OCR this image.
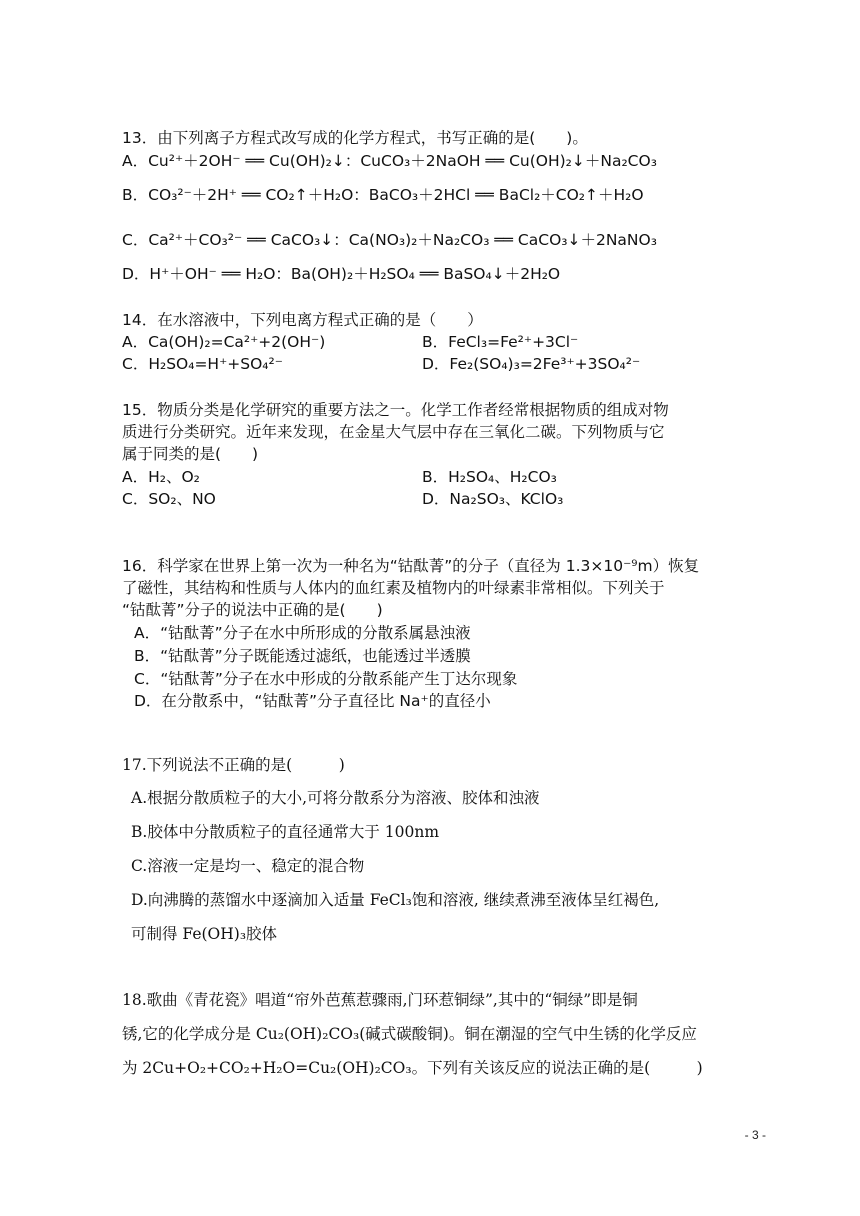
13．由下列离子方程式改写成的化学方程式，书写正确的是(　　)。
A．Cu²⁺＋2OH⁻ ══ Cu(OH)₂↓：CuCO₃＋2NaOH ══ Cu(OH)₂↓＋Na₂CO₃
B．CO₃²⁻＋2H⁺ ══ CO₂↑＋H₂O：BaCO₃＋2HCl ══ BaCl₂＋CO₂↑＋H₂O
C．Ca²⁺＋CO₃²⁻ ══ CaCO₃↓：Ca(NO₃)₂＋Na₂CO₃ ══ CaCO₃↓＋2NaNO₃
D．H⁺＋OH⁻ ══ H₂O：Ba(OH)₂＋H₂SO₄ ══ BaSO₄↓＋2H₂O
14．在水溶液中，下列电离方程式正确的是（　　）
A．Ca(OH)₂=Ca²⁺+2(OH⁻)	B．FeCl₃=Fe²⁺+3Cl⁻
C．H₂SO₄=H⁺+SO₄²⁻	D．Fe₂(SO₄)₃=2Fe³⁺+3SO₄²⁻
15．物质分类是化学研究的重要方法之一。化学工作者经常根据物质的组成对物
质进行分类研究。近年来发现，在金星大气层中存在三氧化二碳。下列物质与它
属于同类的是(　　)
A．H₂、O₂	B．H₂SO₄、H₂CO₃
C．SO₂、NO	D．Na₂SO₃、KClO₃
16．科学家在世界上第一次为一种名为“钴酞菁”的分子（直径为 1.3×10⁻⁹m）恢复
了磁性，其结构和性质与人体内的血红素及植物内的叶绿素非常相似。下列关于
“钴酞菁”分子的说法中正确的是(　　)
A．“钴酞菁”分子在水中所形成的分散系属悬浊液
B．“钴酞菁”分子既能透过滤纸，也能透过半透膜
C．“钴酞菁”分子在水中形成的分散系能产生丁达尔现象
D．在分散系中，“钴酞菁”分子直径比 Na⁺的直径小
17.下列说法不正确的是(　　　)
A.根据分散质粒子的大小,可将分散系分为溶液、胶体和浊液
B.胶体中分散质粒子的直径通常大于 100nm
C.溶液一定是均一、稳定的混合物
D.向沸腾的蒸馏水中逐滴加入适量 FeCl₃饱和溶液, 继续煮沸至液体呈红褐色,
可制得 Fe(OH)₃胶体
18.歌曲《青花瓷》唱道“帘外芭蕉惹骤雨,门环惹铜绿”,其中的“铜绿”即是铜
锈,它的化学成分是 Cu₂(OH)₂CO₃(碱式碳酸铜)。铜在潮湿的空气中生锈的化学反应
为 2Cu+O₂+CO₂+H₂O=Cu₂(OH)₂CO₃。下列有关该反应的说法正确的是(　　　)
- 3 -
